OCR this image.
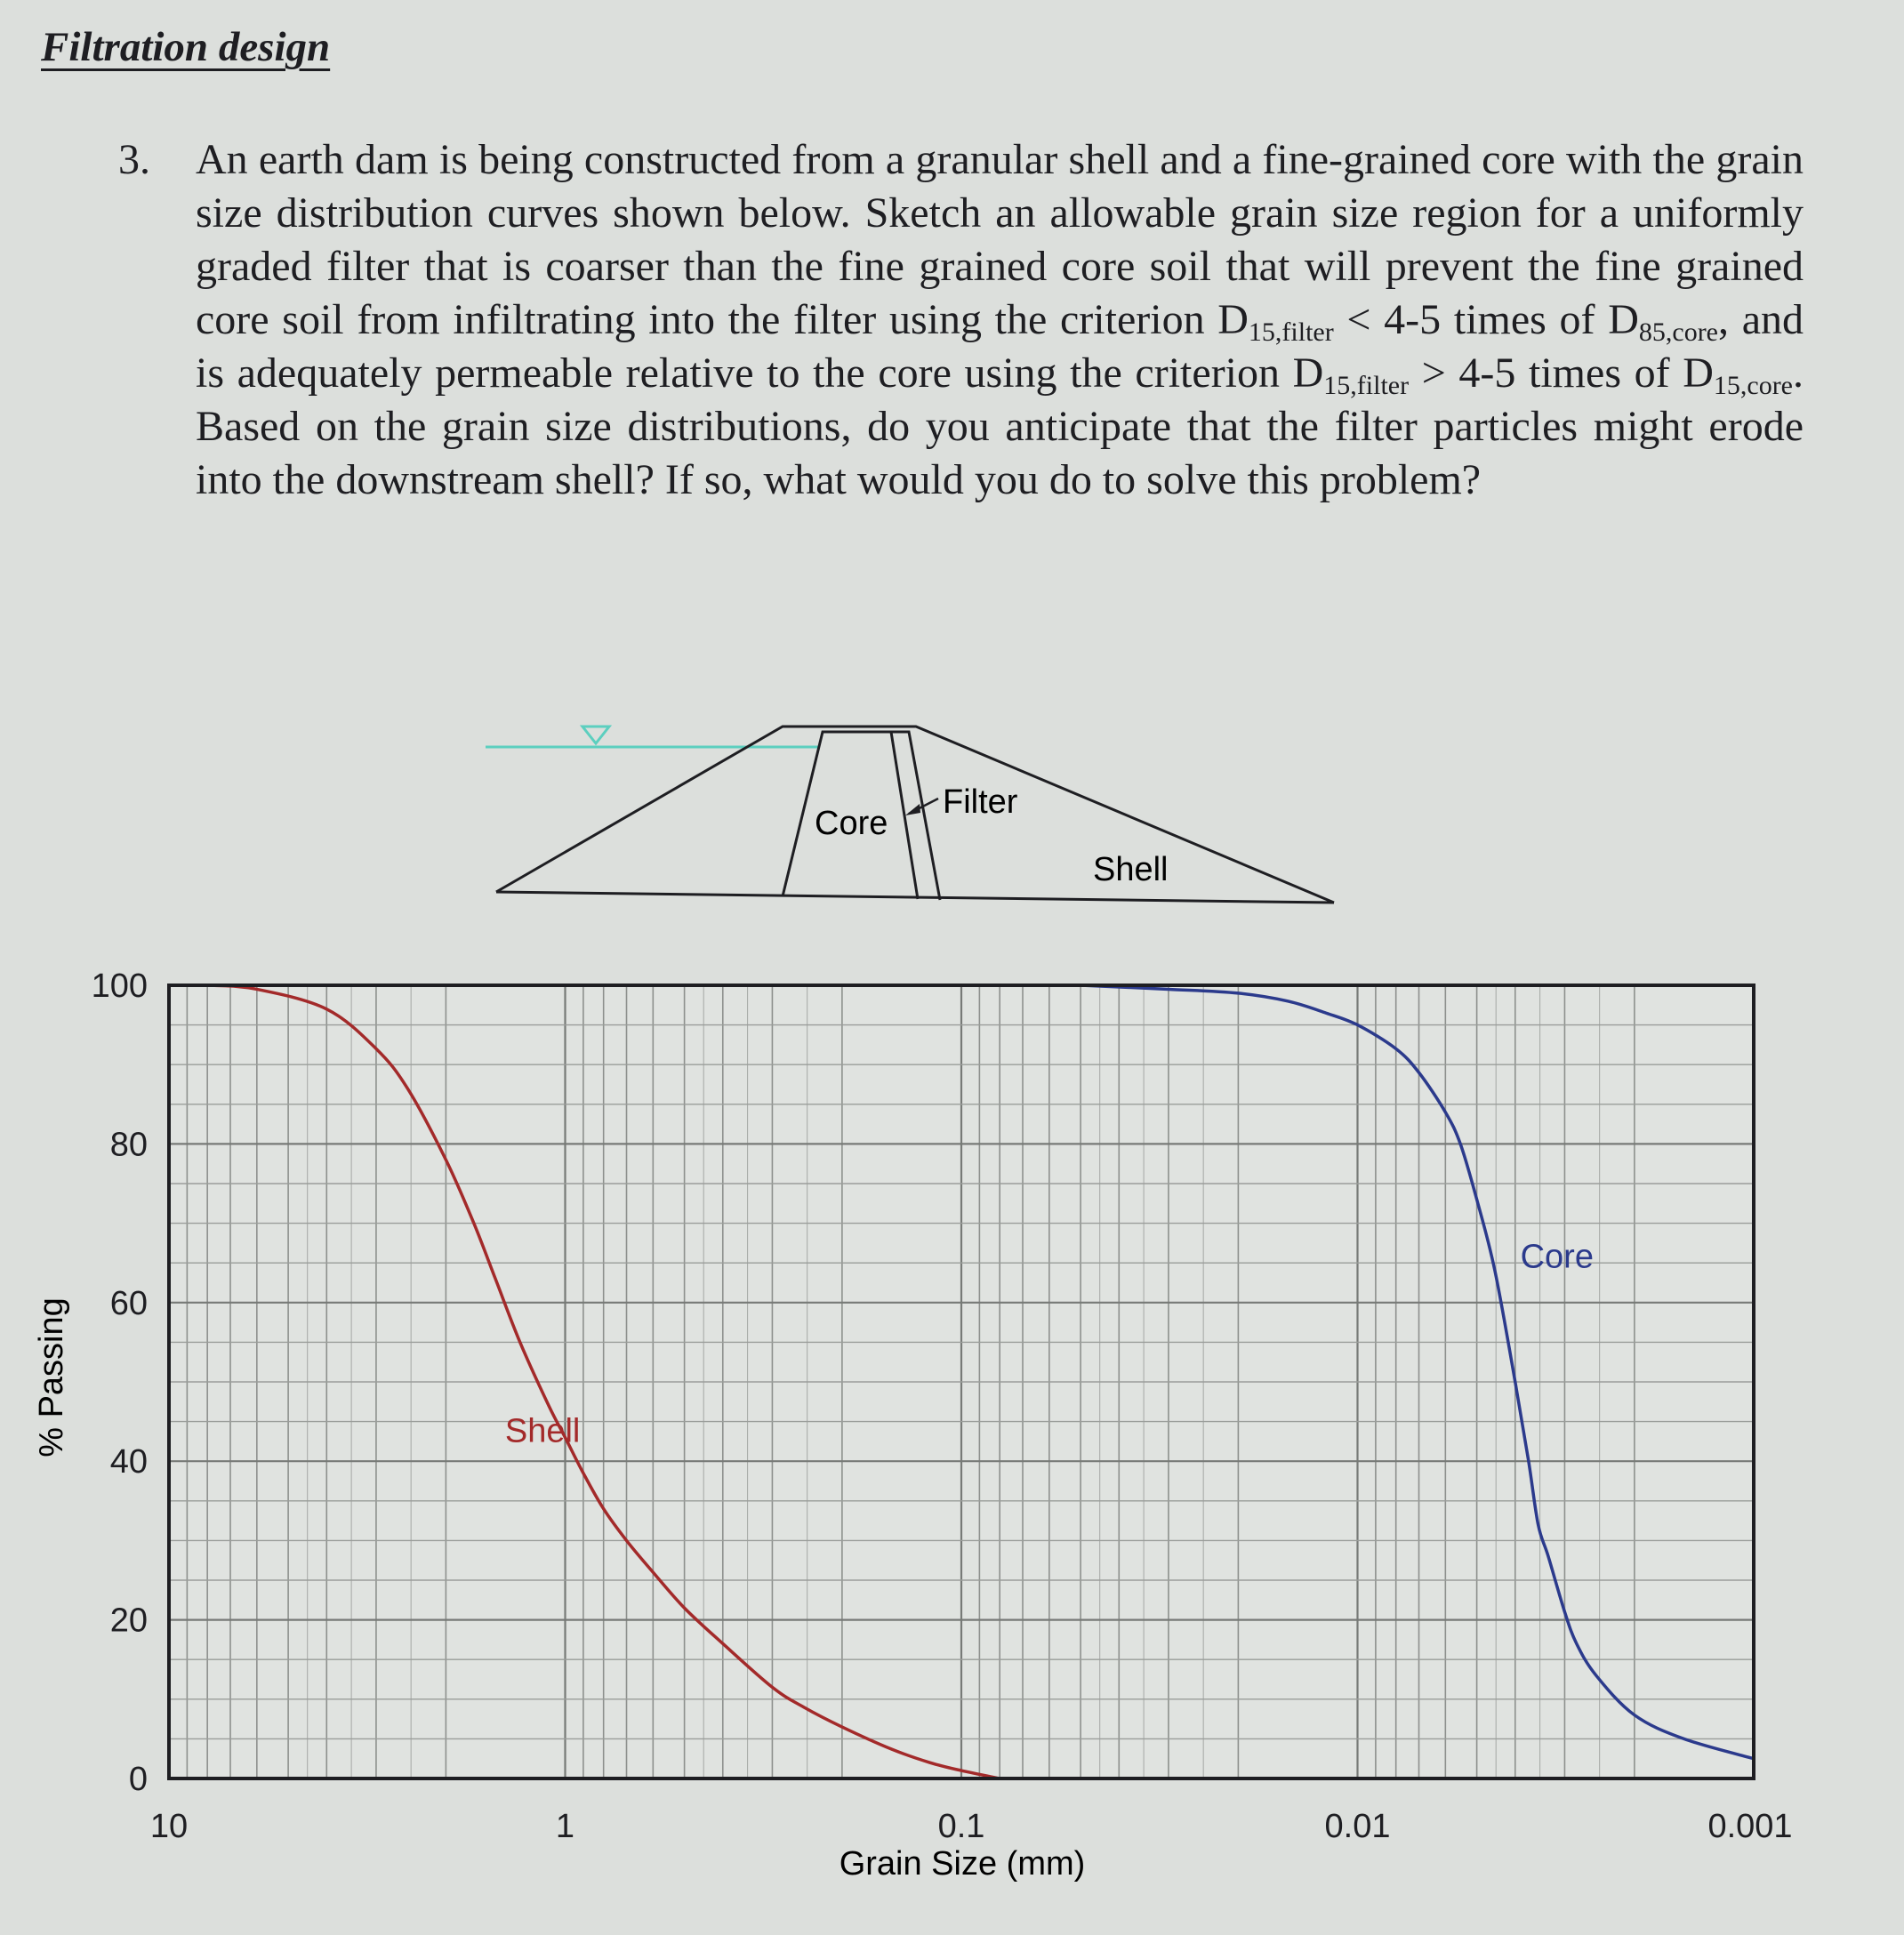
Filtration design

3. An earth dam is being constructed from a granular shell and a fine-grained core with the grain size distribution curves shown below. Sketch an allowable grain size region for a uniformly graded filter that is coarser than the fine grained core soil that will prevent the fine grained core soil from infiltrating into the filter using the criterion $D_{15,filter} < 4-5$ times of $D_{85,core}$, and is adequately permeable relative to the core using the criterion $D_{15,filter} > 4-5$ times of $D_{15,core}$. Based on the grain size distributions, do you anticipate that the filter particles might erode into the downstream shell? If so, what would you do to solve this problem?

Core
Filter
Shell
0
20
40
60
80
100
10	1	0.1	0.01	0.001
Shell
Core
Grain Size (mm)
% Passing
